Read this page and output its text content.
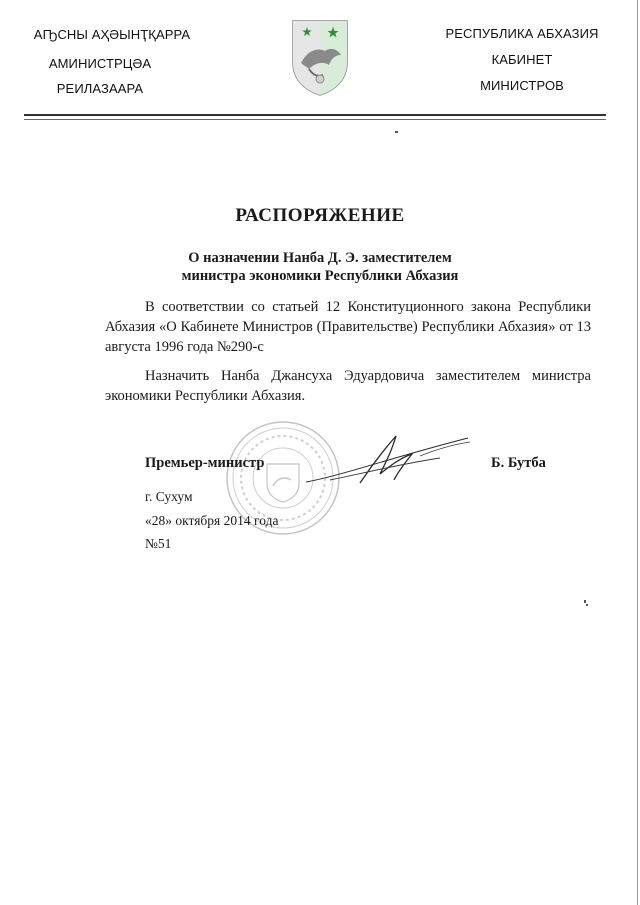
АҦСНЫ АҲӘЫНҬҚАРРА
АМИНИСТРЦӘА
РЕИЛАЗААРА
РЕСПУБЛИКА АБХАЗИЯ
КАБИНЕТ
МИНИСТРОВ
РАСПОРЯЖЕНИЕ
О назначении Нанба Д. Э. заместителем
министра экономики Республики Абхазия
В соответствии со статьей 12 Конституционного закона Республики Абхазия «О Кабинете Министров (Правительстве) Республики Абхазия» от 13 августа 1996 года №290-с
Назначить Нанба Джансуха Эдуардовича заместителем министра экономики Республики Абхазия.
Премьер-министр	Б. Бутба
г. Сухум
«28» октября 2014 года
№51
